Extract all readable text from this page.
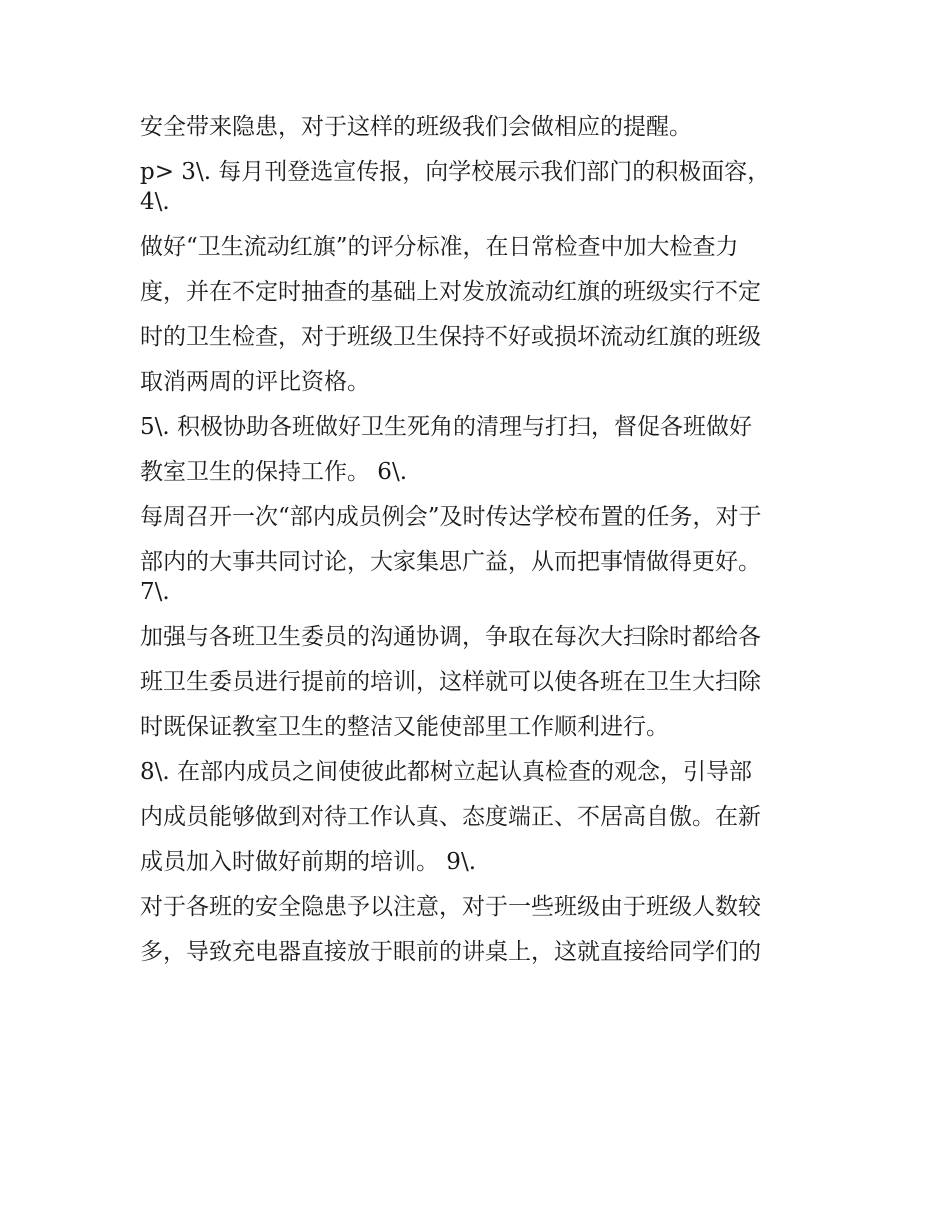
安全带来隐患，对于这样的班级我们会做相应的提醒。
p> 3\. 每月刊登选宣传报，向学校展示我们部门的积极面容，
4\.
做好“卫生流动红旗”的评分标准，在日常检查中加大检查力
度，并在不定时抽查的基础上对发放流动红旗的班级实行不定
时的卫生检查，对于班级卫生保持不好或损坏流动红旗的班级
取消两周的评比资格。
5\. 积极协助各班做好卫生死角的清理与打扫，督促各班做好
教室卫生的保持工作。 6\.
每周召开一次“部内成员例会”及时传达学校布置的任务，对于
部内的大事共同讨论，大家集思广益，从而把事情做得更好。
7\.
加强与各班卫生委员的沟通协调，争取在每次大扫除时都给各
班卫生委员进行提前的培训，这样就可以使各班在卫生大扫除
时既保证教室卫生的整洁又能使部里工作顺利进行。
8\. 在部内成员之间使彼此都树立起认真检查的观念，引导部
内成员能够做到对待工作认真、态度端正、不居高自傲。在新
成员加入时做好前期的培训。 9\.
对于各班的安全隐患予以注意，对于一些班级由于班级人数较
多，导致充电器直接放于眼前的讲桌上，这就直接给同学们的
